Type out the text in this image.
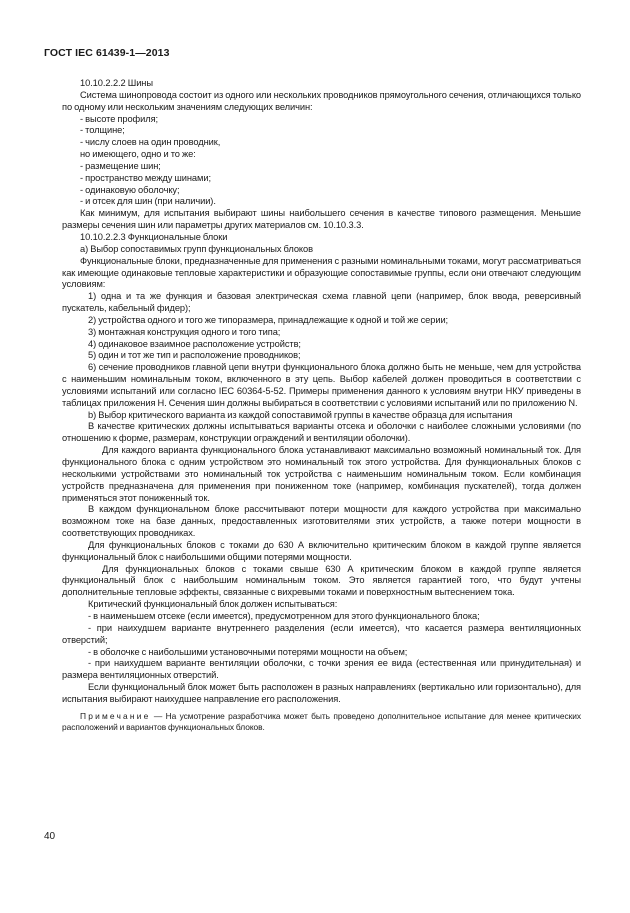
ГОСТ IEC 61439-1—2013

10.10.2.2.2 Шины

Система шинопровода состоит из одного или нескольких проводников прямоугольного сечения, отличающихся только по одному или нескольким значениям следующих величин:

- высоте профиля;

- толщине;

- числу слоев на один проводник,

но имеющего, одно и то же:

- размещение шин;

- пространство между шинами;

- одинаковую оболочку;

- и отсек для шин (при наличии).

Как минимум, для испытания выбирают шины наибольшего сечения в качестве типового размещения. Меньшие размеры сечения шин или параметры других материалов см. 10.10.3.3.

10.10.2.2.3 Функциональные блоки

а) Выбор сопоставимых групп функциональных блоков

Функциональные блоки, предназначенные для применения с разными номинальными токами, могут рассматриваться как имеющие одинаковые тепловые характеристики и образующие сопоставимые группы, если они отвечают следующим условиям:

1) одна и та же функция и базовая электрическая схема главной цепи (например, блок ввода, реверсивный пускатель, кабельный фидер);

2) устройства одного и того же типоразмера, принадлежащие к одной и той же серии;

3) монтажная конструкция одного и того типа;

4) одинаковое взаимное расположение устройств;

5) один и тот же тип и расположение проводников;

6) сечение проводников главной цепи внутри функционального блока должно быть не меньше, чем для устройства с наименьшим номинальным током, включенного в эту цепь. Выбор кабелей должен проводиться в соответствии с условиями испытаний или согласно IEC 60364-5-52. Примеры применения данного к условиям внутри НКУ приведены в таблицах приложения Н. Сечения шин должны выбираться в соответствии с условиями испытаний или по приложению N.

b) Выбор критического варианта из каждой сопоставимой группы в качестве образца для испытания

В качестве критических должны испытываться варианты отсека и оболочки с наиболее сложными условиями (по отношению к форме, размерам, конструкции ограждений и вентиляции оболочки).

Для каждого варианта функционального блока устанавливают максимально возможный номинальный ток. Для функционального блока с одним устройством это номинальный ток этого устройства. Для функциональных блоков с несколькими устройствами это номинальный ток устройства с наименьшим номинальным током. Если комбинация устройств предназначена для применения при пониженном токе (например, комбинация пускателей), тогда должен применяться этот пониженный ток.

В каждом функциональном блоке рассчитывают потери мощности для каждого устройства при максимально возможном токе на базе данных, предоставленных изготовителями этих устройств, а также потери мощности в соответствующих проводниках.

Для функциональных блоков с токами до 630 А включительно критическим блоком в каждой группе является функциональный блок с наибольшими общими потерями мощности.

Для функциональных блоков с токами свыше 630 А критическим блоком в каждой группе является функциональный блок с наибольшим номинальным током. Это является гарантией того, что будут учтены дополнительные тепловые эффекты, связанные с вихревыми токами и поверхностным вытеснением тока.

Критический функциональный блок должен испытываться:

- в наименьшем отсеке (если имеется), предусмотренном для этого функционального блока;

- при наихудшем варианте внутреннего разделения (если имеется), что касается размера вентиляционных отверстий;

- в оболочке с наибольшими установочными потерями мощности на объем;

- при наихудшем варианте вентиляции оболочки, с точки зрения ее вида (естественная или принудительная) и размера вентиляционных отверстий.

Если функциональный блок может быть расположен в разных направлениях (вертикально или горизонтально), для испытания выбирают наихудшее направление его расположения.

Примечание — На усмотрение разработчика может быть проведено дополнительное испытание для менее критических расположений и вариантов функциональных блоков.

40
